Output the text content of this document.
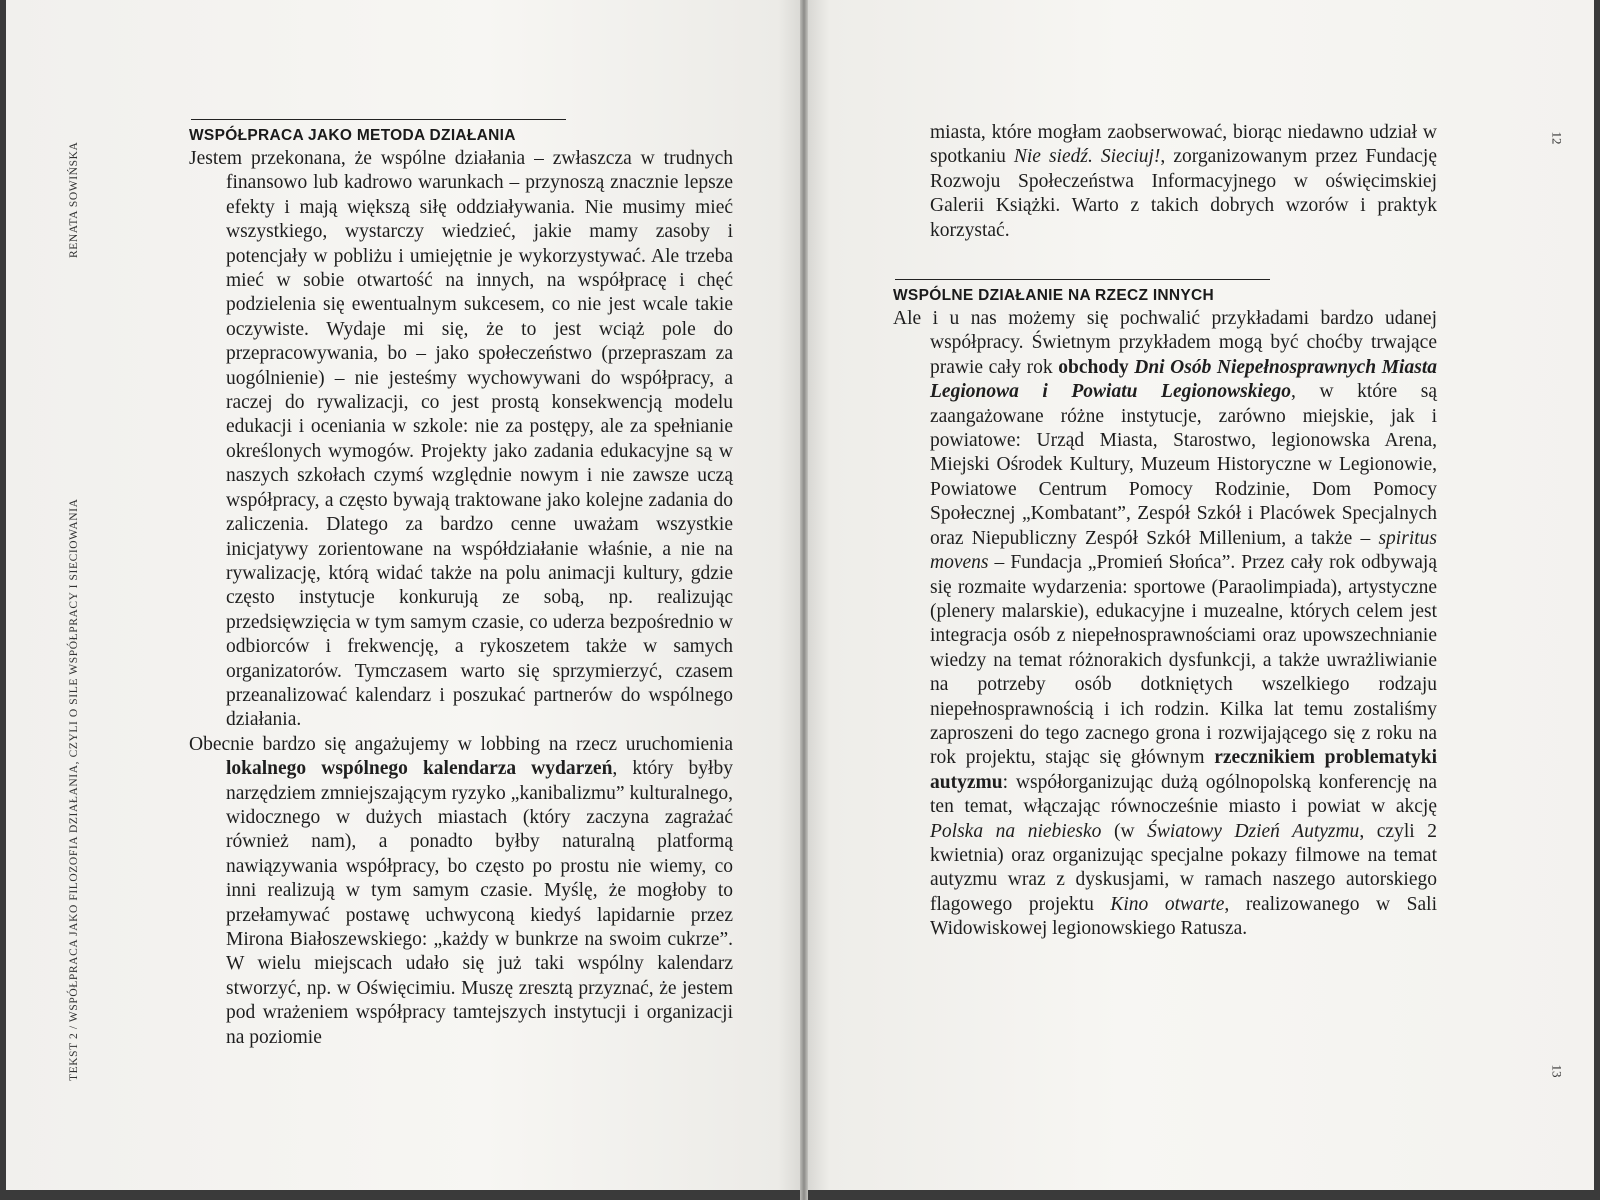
RENATA SOWIŃSKA
TEKST 2 / WSPÓŁPRACA JAKO FILOZOFIA DZIAŁANIA, CZYLI O SILE WSPÓŁPRACY I SIECIOWANIA
12
13
WSPÓŁPRACA JAKO METODA DZIAŁANIA

Jestem przekonana, że wspólne działania – zwłaszcza w trudnych finansowo lub kadrowo warunkach – przynoszą znacznie lepsze efekty i mają większą siłę oddziaływania. Nie musimy mieć wszystkiego, wystarczy wiedzieć, jakie mamy zasoby i potencjały w pobliżu i umiejętnie je wykorzystywać. Ale trzeba mieć w sobie otwartość na innych, na współpracę i chęć podzielenia się ewentualnym sukcesem, co nie jest wcale takie oczywiste. Wydaje mi się, że to jest wciąż pole do przepracowywania, bo – jako społeczeństwo (przepraszam za uogólnienie) – nie jesteśmy wychowywani do współpracy, a raczej do rywalizacji, co jest prostą konsekwencją modelu edukacji i oceniania w szkole: nie za postępy, ale za spełnianie określonych wymogów. Projekty jako zadania edukacyjne są w naszych szkołach czymś względnie nowym i nie zawsze uczą współpracy, a często bywają traktowane jako kolejne zadania do zaliczenia. Dlatego za bardzo cenne uważam wszystkie inicjatywy zorientowane na współdziałanie właśnie, a nie na rywalizację, którą widać także na polu animacji kultury, gdzie często instytucje konkurują ze sobą, np. realizując przedsięwzięcia w tym samym czasie, co uderza bezpośrednio w odbiorców i frekwencję, a rykoszetem także w samych organizatorów. Tymczasem warto się sprzymierzyć, czasem przeanalizować kalendarz i poszukać partnerów do wspólnego działania.

Obecnie bardzo się angażujemy w lobbing na rzecz uruchomienia lokalnego wspólnego kalendarza wydarzeń, który byłby narzędziem zmniejszającym ryzyko „kanibalizmu” kulturalnego, widocznego w dużych miastach (który zaczyna zagrażać również nam), a ponadto byłby naturalną platformą nawiązywania współpracy, bo często po prostu nie wiemy, co inni realizują w tym samym czasie. Myślę, że mogłoby to przełamywać postawę uchwyconą kiedyś lapidarnie przez Mirona Białoszewskiego: „każdy w bunkrze na swoim cukrze”. W wielu miejscach udało się już taki wspólny kalendarz stworzyć, np. w Oświęcimiu. Muszę zresztą przyznać, że jestem pod wrażeniem współpracy tamtejszych instytucji i organizacji na poziomie

miasta, które mogłam zaobserwować, biorąc niedawno udział w spotkaniu Nie siedź. Sieciuj!, zorganizowanym przez Fundację Rozwoju Społeczeństwa Informacyjnego w oświęcimskiej Galerii Książki. Warto z takich dobrych wzorów i praktyk korzystać.

WSPÓLNE DZIAŁANIE NA RZECZ INNYCH

Ale i u nas możemy się pochwalić przykładami bardzo udanej współpracy. Świetnym przykładem mogą być choćby trwające prawie cały rok obchody Dni Osób Niepełnosprawnych Miasta Legionowa i Powiatu Legionowskiego, w które są zaangażowane różne instytucje, zarówno miejskie, jak i powiatowe: Urząd Miasta, Starostwo, legionowska Arena, Miejski Ośrodek Kultury, Muzeum Historyczne w Legionowie, Powiatowe Centrum Pomocy Rodzinie, Dom Pomocy Społecznej „Kombatant”, Zespół Szkół i Placówek Specjalnych oraz Niepubliczny Zespół Szkół Millenium, a także – spiritus movens – Fundacja „Promień Słońca”. Przez cały rok odbywają się rozmaite wydarzenia: sportowe (Paraolimpiada), artystyczne (plenery malarskie), edukacyjne i muzealne, których celem jest integracja osób z niepełnosprawnościami oraz upowszechnianie wiedzy na temat różnorakich dysfunkcji, a także uwrażliwianie na potrzeby osób dotkniętych wszelkiego rodzaju niepełnosprawnością i ich rodzin. Kilka lat temu zostaliśmy zaproszeni do tego zacnego grona i rozwijającego się z roku na rok projektu, stając się głównym rzecznikiem problematyki autyzmu: współorganizując dużą ogólnopolską konferencję na ten temat, włączając równocześnie miasto i powiat w akcję Polska na niebiesko (w Światowy Dzień Autyzmu, czyli 2 kwietnia) oraz organizując specjalne pokazy filmowe na temat autyzmu wraz z dyskusjami, w ramach naszego autorskiego flagowego projektu Kino otwarte, realizowanego w Sali Widowiskowej legionowskiego Ratusza.
